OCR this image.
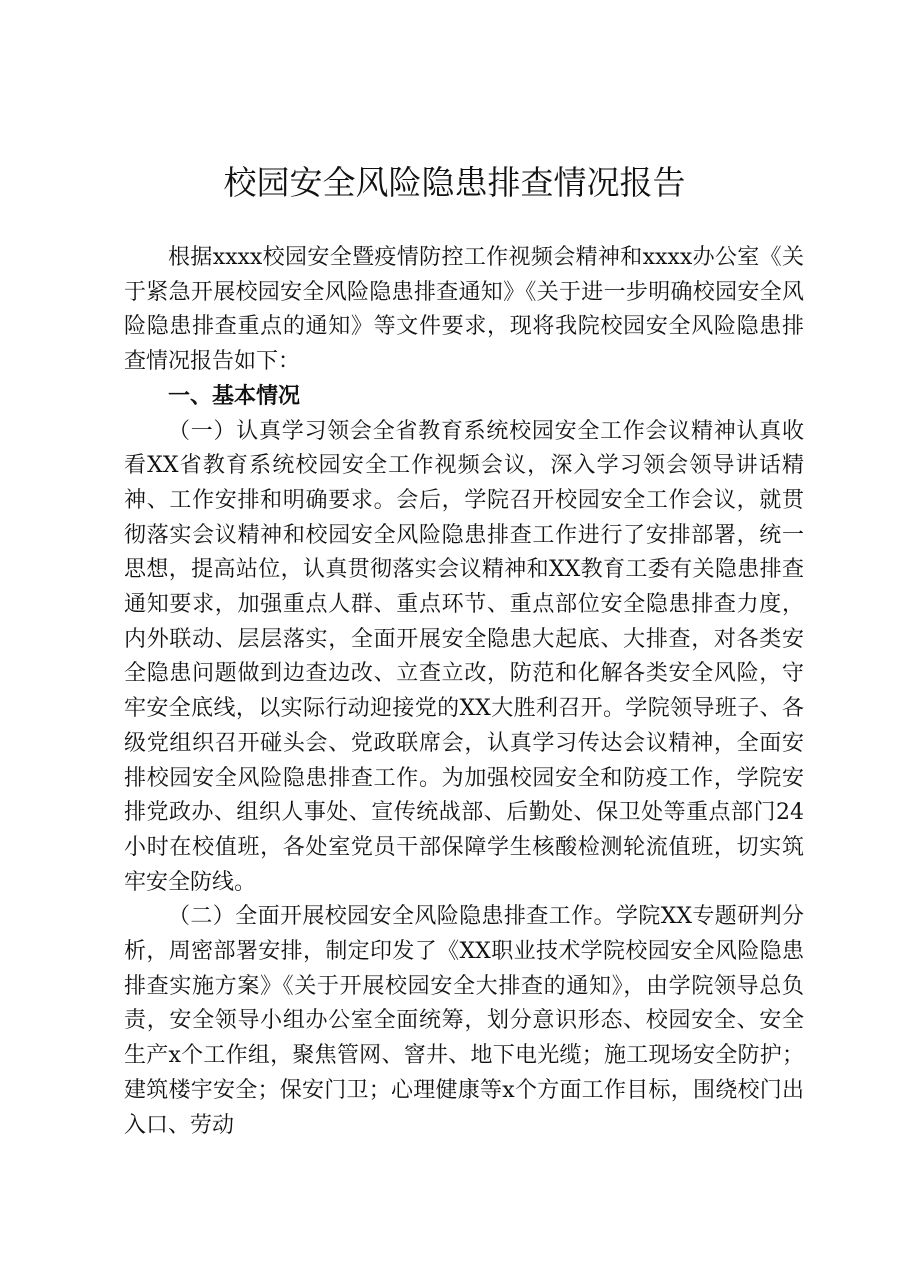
校园安全风险隐患排查情况报告

根据xxxx校园安全暨疫情防控工作视频会精神和xxxx办公室《关于紧急开展校园安全风险隐患排查通知》《关于进一步明确校园安全风险隐患排查重点的通知》等文件要求，现将我院校园安全风险隐患排查情况报告如下：

一、基本情况

（一）认真学习领会全省教育系统校园安全工作会议精神认真收看XX省教育系统校园安全工作视频会议，深入学习领会领导讲话精神、工作安排和明确要求。会后，学院召开校园安全工作会议，就贯彻落实会议精神和校园安全风险隐患排查工作进行了安排部署，统一思想，提高站位，认真贯彻落实会议精神和XX教育工委有关隐患排查通知要求，加强重点人群、重点环节、重点部位安全隐患排查力度，内外联动、层层落实，全面开展安全隐患大起底、大排查，对各类安全隐患问题做到边查边改、立查立改，防范和化解各类安全风险，守牢安全底线，以实际行动迎接党的XX大胜利召开。学院领导班子、各级党组织召开碰头会、党政联席会，认真学习传达会议精神，全面安排校园安全风险隐患排查工作。为加强校园安全和防疫工作，学院安排党政办、组织人事处、宣传统战部、后勤处、保卫处等重点部门24小时在校值班，各处室党员干部保障学生核酸检测轮流值班，切实筑牢安全防线。

（二）全面开展校园安全风险隐患排查工作。学院XX专题研判分析，周密部署安排，制定印发了《XX职业技术学院校园安全风险隐患排查实施方案》《关于开展校园安全大排查的通知》，由学院领导总负责，安全领导小组办公室全面统筹，划分意识形态、校园安全、安全生产x个工作组，聚焦管网、窨井、地下电光缆；施工现场安全防护；建筑楼宇安全；保安门卫；心理健康等x个方面工作目标，围绕校门出入口、劳动
